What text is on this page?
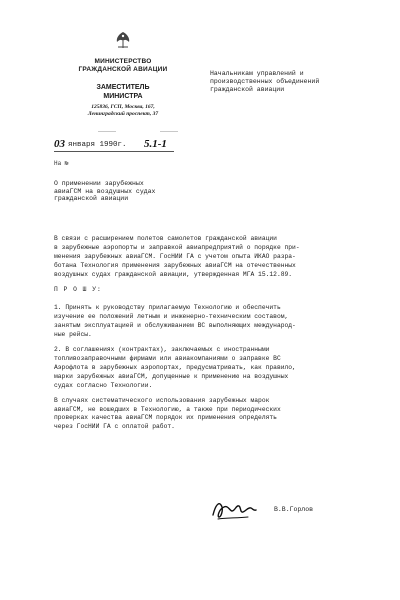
МИНИСТЕРСТВО
ГРАЖДАНСКОЙ АВИАЦИИ
ЗАМЕСТИТЕЛЬ
МИНИСТРА
125836, ГСП, Москва, 167,
Ленинградский проспект, 37
______	______
Начальникам управлений и
производственных объединений
гражданской авиации
03 января 1990г. 5.1-1
На №
О применении зарубежных
авиаГСМ на воздушных судах
гражданской авиации

В связи с расширением полетов самолетов гражданской авиации
в зарубежные аэропорты и заправкой авиапредприятий о порядке при-
менения зарубежных авиаГСМ. ГосНИИ ГА с учетом опыта ИКАО разра-
ботана Технология применения зарубежных авиаГСМ на отечественных
воздушных судах гражданской авиации, утвержденная МГА 15.12.89.

П Р О Ш У:

1. Принять к руководству прилагаемую Технологию и обеспечить
изучение ее положений летным и инженерно-техническим составом,
занятым эксплуатацией и обслуживанием ВС выполняющих международ-
ные рейсы.

2. В соглашениях (контрактах), заключаемых с иностранными
топливозаправочными фирмами или авиакомпаниями о заправке ВС
Аэрофлота в зарубежных аэропортах, предусматривать, как правило,
марки зарубежных авиаГСМ, допущенные к применению на воздушных
судах согласно Технологии.

В случаях систематического использования зарубежных марок
авиаГСМ, не вошедших в Технологию, а также при периодических
проверках качества авиаГСМ порядок их применения определять
через ГосНИИ ГА с оплатой работ.

В.В.Горлов
